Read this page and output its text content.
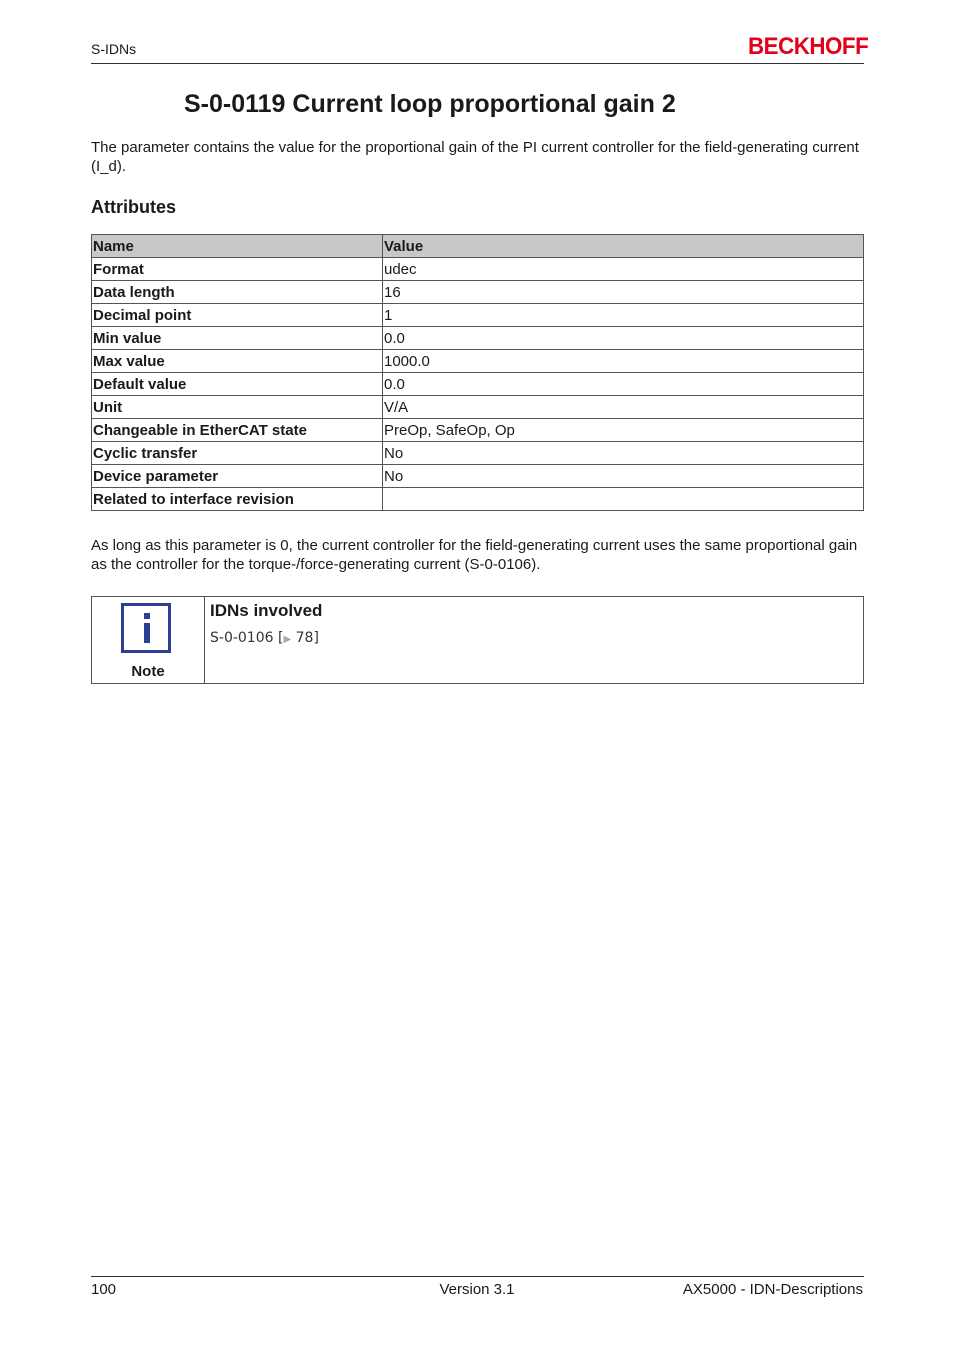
S-IDNs	BECKHOFF
S-0-0119 Current loop proportional gain 2

The parameter contains the value for the proportional gain of the PI current controller for the field-generating current (I_d).

Attributes
Name	Value
Format	udec
Data length	16
Decimal point	1
Min value	0.0
Max value	1000.0
Default value	0.0
Unit	V/A
Changeable in EtherCAT state	PreOp, SafeOp, Op
Cyclic transfer	No
Device parameter	No
Related to interface revision	

As long as this parameter is 0, the current controller for the field-generating current uses the same proportional gain as the controller for the torque-/force-generating current (S-0-0106).

Note

IDNs involved

S-0-0106 [▶ 78]
100	Version 3.1	AX5000 - IDN-Descriptions
